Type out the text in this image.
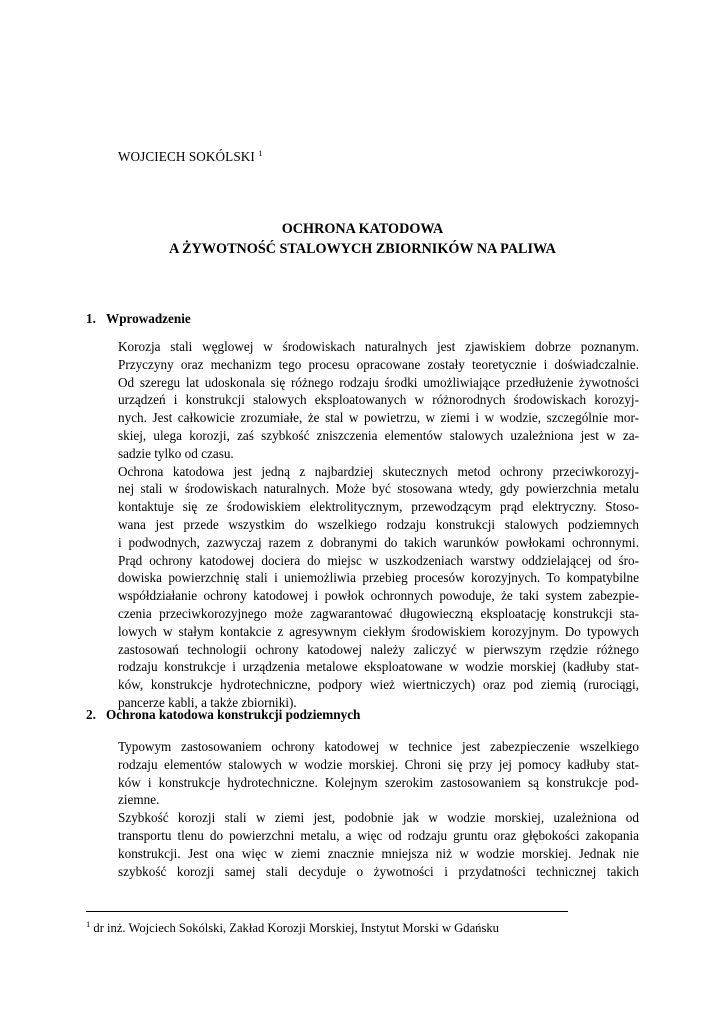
WOJCIECH SOKÓLSKI $^1$
OCHRONA KATODOWA
A ŻYWOTNOŚĆ STALOWYCH ZBIORNIKÓW NA PALIWA
1. Wprowadzenie

Korozja stali węglowej w środowiskach naturalnych jest zjawiskiem dobrze poznanym.
Przyczyny oraz mechanizm tego procesu opracowane zostały teoretycznie i doświadczalnie.
Od szeregu lat udoskonala się różnego rodzaju środki umożliwiające przedłużenie żywotności
urządzeń i konstrukcji stalowych eksploatowanych w różnorodnych środowiskach korozyj-
nych. Jest całkowicie zrozumiałe, że stal w powietrzu, w ziemi i w wodzie, szczególnie mor-
skiej, ulega korozji, zaś szybkość zniszczenia elementów stalowych uzależniona jest w za-
sadzie tylko od czasu.

Ochrona katodowa jest jedną z najbardziej skutecznych metod ochrony przeciwkorozyj-
nej stali w środowiskach naturalnych. Może być stosowana wtedy, gdy powierzchnia metalu
kontaktuje się ze środowiskiem elektrolitycznym, przewodzącym prąd elektryczny. Stoso-
wana jest przede wszystkim do wszelkiego rodzaju konstrukcji stalowych podziemnych
i podwodnych, zazwyczaj razem z dobranymi do takich warunków powłokami ochronnymi.
Prąd ochrony katodowej dociera do miejsc w uszkodzeniach warstwy oddzielającej od śro-
dowiska powierzchnię stali i uniemożliwia przebieg procesów korozyjnych. To kompatybilne
współdziałanie ochrony katodowej i powłok ochronnych powoduje, że taki system zabezpie-
czenia przeciwkorozyjnego może zagwarantować długowieczną eksploatację konstrukcji sta-
lowych w stałym kontakcie z agresywnym ciekłym środowiskiem korozyjnym. Do typowych
zastosowań technologii ochrony katodowej należy zaliczyć w pierwszym rzędzie różnego
rodzaju konstrukcje i urządzenia metalowe eksploatowane w wodzie morskiej (kadłuby stat-
ków, konstrukcje hydrotechniczne, podpory wież wiertniczych) oraz pod ziemią (rurociągi,
pancerze kabli, a także zbiorniki).

2. Ochrona katodowa konstrukcji podziemnych

Typowym zastosowaniem ochrony katodowej w technice jest zabezpieczenie wszelkiego
rodzaju elementów stalowych w wodzie morskiej. Chroni się przy jej pomocy kadłuby stat-
ków i konstrukcje hydrotechniczne. Kolejnym szerokim zastosowaniem są konstrukcje pod-
ziemne.

Szybkość korozji stali w ziemi jest, podobnie jak w wodzie morskiej, uzależniona od
transportu tlenu do powierzchni metalu, a więc od rodzaju gruntu oraz głębokości zakopania
konstrukcji. Jest ona więc w ziemi znacznie mniejsza niż w wodzie morskiej. Jednak nie
szybkość korozji samej stali decyduje o żywotności i przydatności technicznej takich

$^1$ dr inż. Wojciech Sokólski, Zakład Korozji Morskiej, Instytut Morski w Gdańsku
